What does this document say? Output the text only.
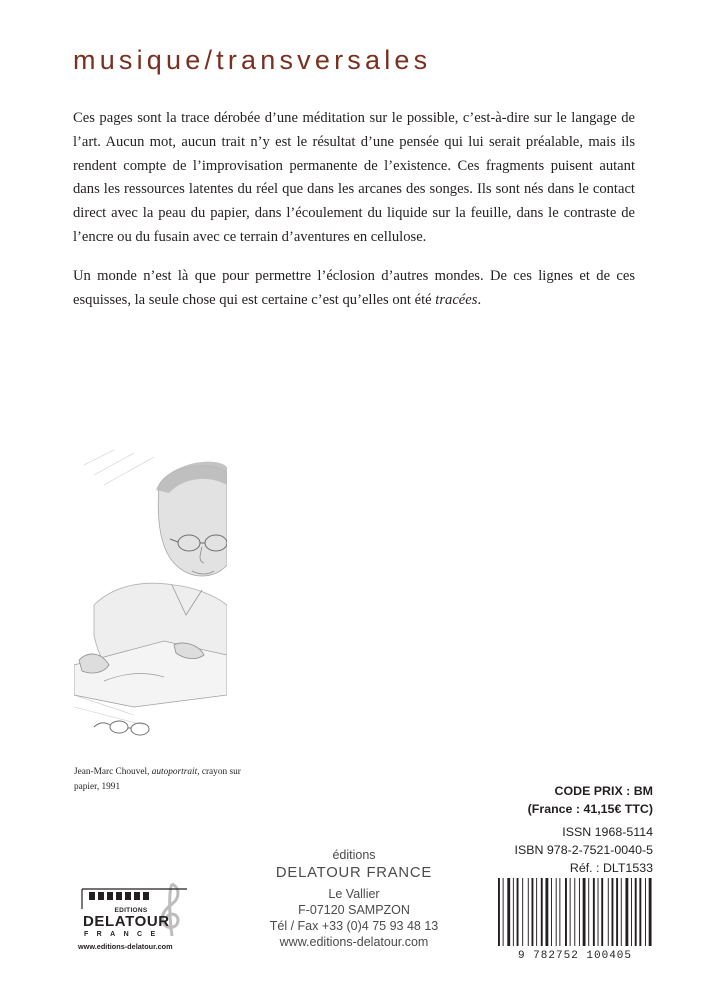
musique/transversales

Ces pages sont la trace dérobée d’une méditation sur le possible, c’est-à-dire sur le langage de l’art. Aucun mot, aucun trait n’y est le résultat d’une pensée qui lui serait préalable, mais ils rendent compte de l’improvisation permanente de l’existence. Ces fragments puisent autant dans les ressources latentes du réel que dans les arcanes des songes. Ils sont nés dans le contact direct avec la peau du papier, dans l’écoulement du liquide sur la feuille, dans le contraste de l’encre ou du fusain avec ce terrain d’aventures en cellulose.

Un monde n’est là que pour permettre l’éclosion d’autres mondes. De ces lignes et de ces esquisses, la seule chose qui est certaine c’est qu’elles ont été tracées.

Jean-Marc Chouvel, autoportrait, crayon sur papier, 1991	CODE PRIX : BM
(France : 41,15€ TTC)
ISSN 1968-5114
ISBN 978-2-7521-0040-5
Réf. : DLT1533
éditions
DELATOUR FRANCE
Le Vallier
F-07120 SAMPZON
Tél / Fax +33 (0)4 75 93 48 13
www.editions-delatour.com
EDITIONS
DELATOUR
FRANCE
www.editions-delatour.com
9 782752 100405
